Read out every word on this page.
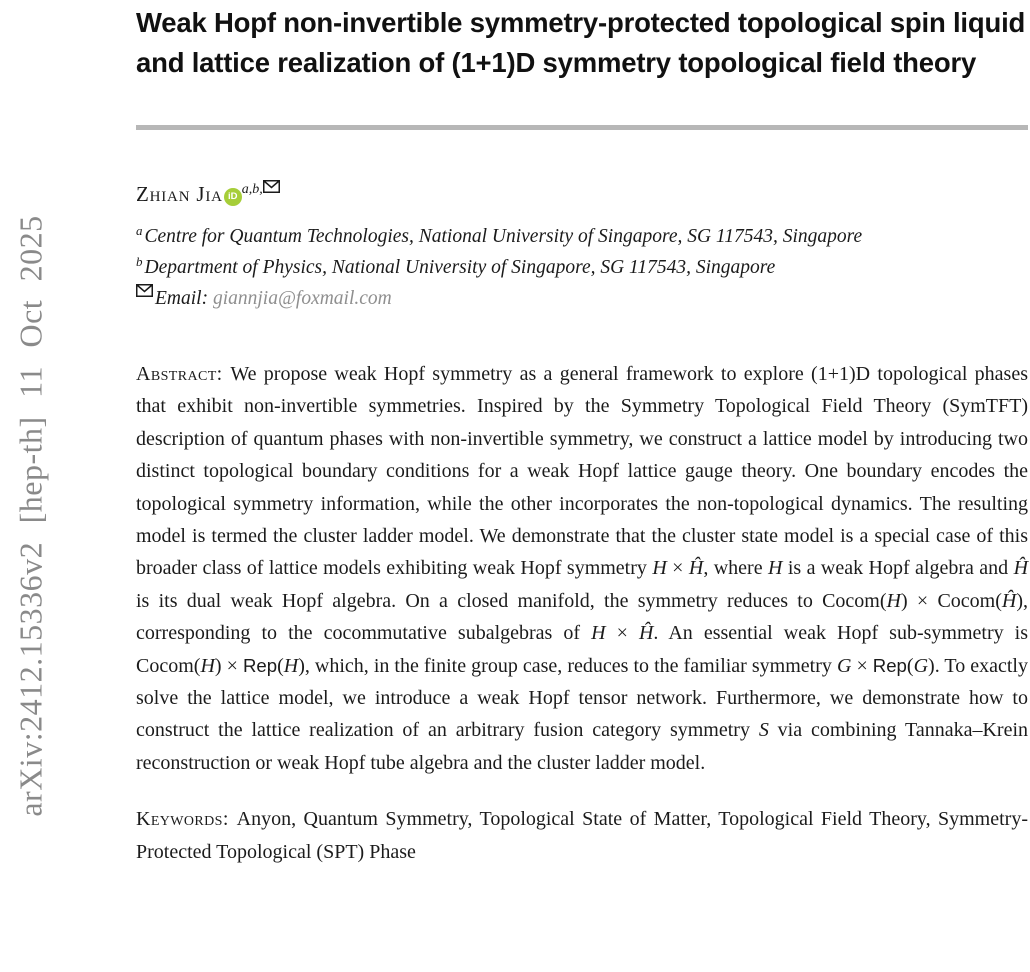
arXiv:2412.15336v2 [hep-th] 11 Oct 2025
Weak Hopf non-invertible symmetry-protected topological spin liquid and lattice realization of (1+1)D symmetry topological field theory
Zhian Jia iD $^{a,b,}$
$^a$ Centre for Quantum Technologies, National University of Singapore, SG 117543, Singapore
$^b$ Department of Physics, National University of Singapore, SG 117543, Singapore
Email: giannjia@foxmail.com
Abstract: We propose weak Hopf symmetry as a general framework to explore (1+1)D topological phases that exhibit non-invertible symmetries. Inspired by the Symmetry Topological Field Theory (SymTFT) description of quantum phases with non-invertible symmetry, we construct a lattice model by introducing two distinct topological boundary conditions for a weak Hopf lattice gauge theory. One boundary encodes the topological symmetry information, while the other incorporates the non-topological dynamics. The resulting model is termed the cluster ladder model. We demonstrate that the cluster state model is a special case of this broader class of lattice models exhibiting weak Hopf symmetry H × Ĥ, where H is a weak Hopf algebra and Ĥ is its dual weak Hopf algebra. On a closed manifold, the symmetry reduces to Cocom(H) × Cocom(Ĥ), corresponding to the cocommutative subalgebras of H × Ĥ. An essential weak Hopf sub-symmetry is Cocom(H) × Rep(H), which, in the finite group case, reduces to the familiar symmetry G × Rep(G). To exactly solve the lattice model, we introduce a weak Hopf tensor network. Furthermore, we demonstrate how to construct the lattice realization of an arbitrary fusion category symmetry S via combining Tannaka–Krein reconstruction or weak Hopf tube algebra and the cluster ladder model.
Keywords: Anyon, Quantum Symmetry, Topological State of Matter, Topological Field Theory, Symmetry-Protected Topological (SPT) Phase
